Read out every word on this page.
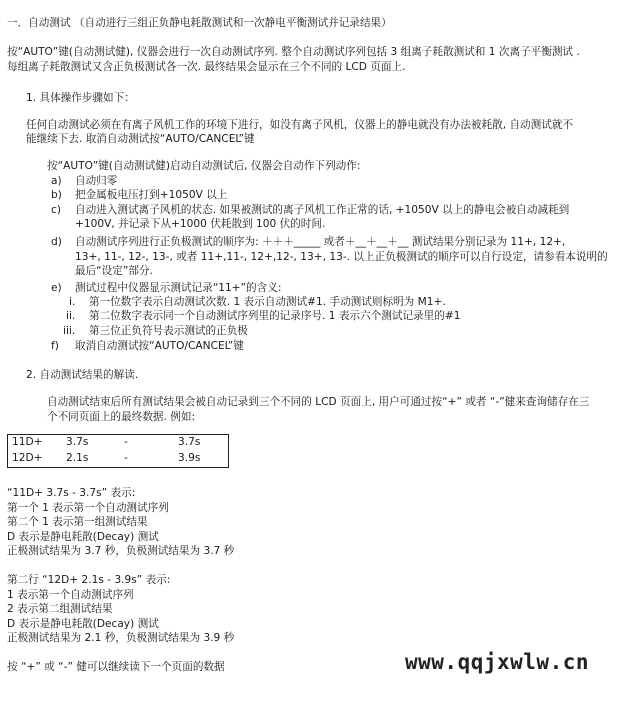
一．自动测试 （自动进行三组正负静电耗散测试和一次静电平衡测试并记录结果）
按“AUTO”键(自动测试健), 仪器会进行一次自动测试序列. 整个自动测试序列包括 3 组离子耗散测试和 1 次离子平衡测试 .
每组离子耗散测试又含正负极测试各一次. 最终结果会显示在三个不同的 LCD 页面上.
1. 具体操作步骤如下：
任何自动测试必须在有离子风机工作的环境下进行，如没有离子风机，仪器上的静电就没有办法被耗散, 自动测试就不
能继续下去. 取消自动测试按“AUTO/CANCEL”键
按“AUTO”键(自动测试健)启动自动测试后, 仪器会自动作下列动作:
a) 自动归零
b) 把金属板电压打到+1050V 以上
c) 自动进入测试离子风机的状态. 如果被测试的离子风机工作正常的话, +1050V 以上的静电会被自动减耗到
+100V, 并记录下从+1000 伏耗散到 100 伏的时间.
d) 自动测试序列进行正负极测试的顺序为: ＋＋＋_____ 或者＋__＋__＋__ 测试结果分别记录为 11+, 12+,
13+, 11-, 12-, 13-, 或者 11+,11-, 12+,12-, 13+, 13-. 以上正负极测试的顺序可以自行设定，请参看本说明的
最后“设定”部分.
e) 测试过程中仪器显示测试记录“11+”的含义:
i. 第一位数字表示自动测试次数. 1 表示自动测试#1. 手动测试则标明为 M1+.
ii. 第二位数字表示同一个自动测试序列里的记录序号. 1 表示六个测试记录里的#1
iii. 第三位正负符号表示测试的正负极
f) 取消自动测试按“AUTO/CANCEL”键
2. 自动测试结果的解读.
自动测试结束后所有测试结果会被自动记录到三个不同的 LCD 页面上, 用户可通过按“+” 或者 “-”健来查询储存在三
个不同页面上的最终数据. 例如:
11D+	3.7s	-	3.7s
12D+	2.1s	-	3.9s
“11D+ 3.7s - 3.7s” 表示:
第一个 1 表示第一个自动测试序列
第二个 1 表示第一组测试结果
D 表示是静电耗散(Decay) 测试
正极测试结果为 3.7 秒，负极测试结果为 3.7 秒
第二行 “12D+ 2.1s - 3.9s” 表示:
1 表示第一个自动测试序列
2 表示第二组测试结果
D 表示是静电耗散(Decay) 测试
正极测试结果为 2.1 秒，负极测试结果为 3.9 秒
按 “+” 或 “-” 健可以继续读下一个页面的数据	www.qqjxwlw.cn
